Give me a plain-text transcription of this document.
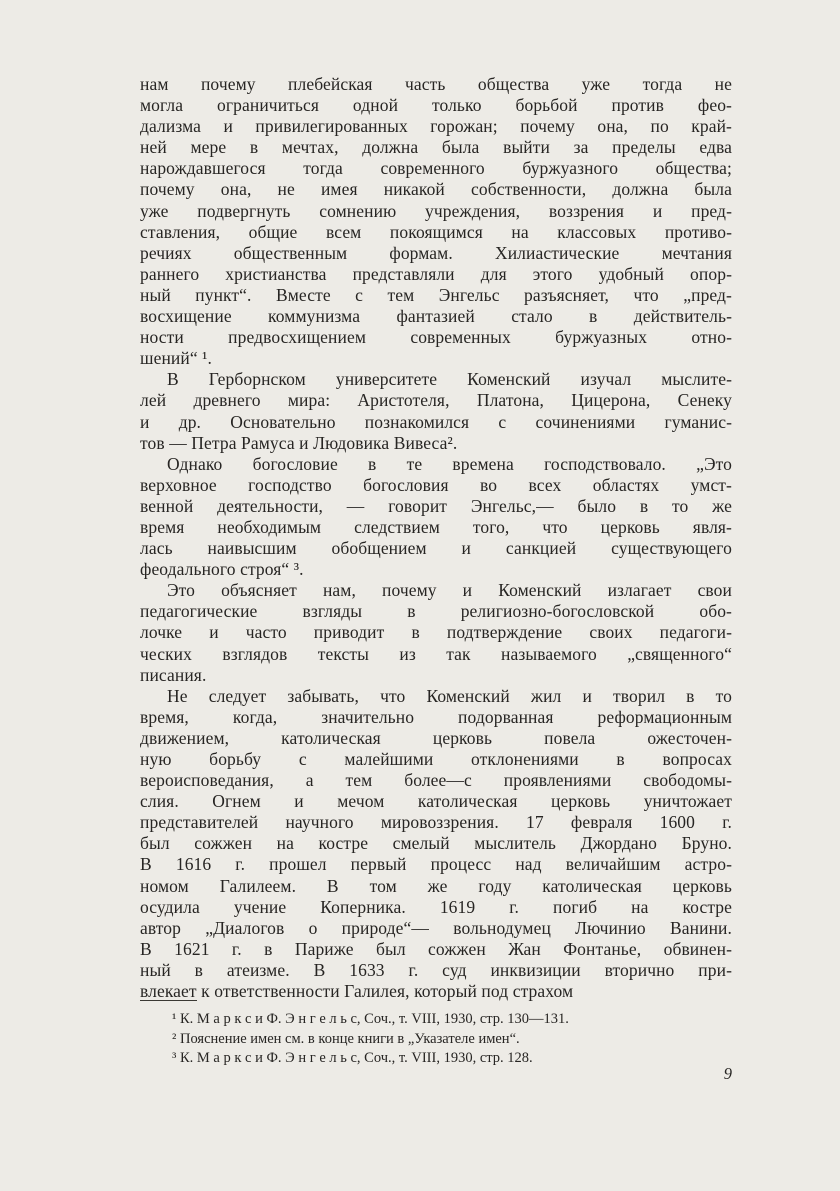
нам почему плебейская часть общества уже тогда не
могла ограничиться одной только борьбой против фео-
дализма и привилегированных горожан; почему она, по край-
ней мере в мечтах, должна была выйти за пределы едва
нарождавшегося тогда современного буржуазного общества;
почему она, не имея никакой собственности, должна была
уже подвергнуть сомнению учреждения, воззрения и пред-
ставления, общие всем покоящимся на классовых противо-
речиях общественным формам. Хилиастические мечтания
раннего христианства представляли для этого удобный опор-
ный пункт“. Вместе с тем Энгельс разъясняет, что „пред-
восхищение коммунизма фантазией стало в действитель-
ности предвосхищением современных буржуазных отно-
шений“ ¹.
В Герборнском университете Коменский изучал мыслите-
лей древнего мира: Аристотеля, Платона, Цицерона, Сенеку
и др. Основательно познакомился с сочинениями гуманис-
тов — Петра Рамуса и Людовика Вивеса².
Однако богословие в те времена господствовало. „Это
верховное господство богословия во всех областях умст-
венной деятельности, — говорит Энгельс,— было в то же
время необходимым следствием того, что церковь явля-
лась наивысшим обобщением и санкцией существующего
феодального строя“ ³.
Это объясняет нам, почему и Коменский излагает свои
педагогические взгляды в религиозно-богословской обо-
лочке и часто приводит в подтверждение своих педагоги-
ческих взглядов тексты из так называемого „священного“
писания.
Не следует забывать, что Коменский жил и творил в то
время, когда, значительно подорванная реформационным
движением, католическая церковь повела ожесточен-
ную борьбу с малейшими отклонениями в вопросах
вероисповедания, а тем более—с проявлениями свободомы-
слия. Огнем и мечом католическая церковь уничтожает
представителей научного мировоззрения. 17 февраля 1600 г.
был сожжен на костре смелый мыслитель Джордано Бруно.
В 1616 г. прошел первый процесс над величайшим астро-
номом Галилеем. В том же году католическая церковь
осудила учение Коперника. 1619 г. погиб на костре
автор „Диалогов о природе“— вольнодумец Лючинио Ванини.
В 1621 г. в Париже был сожжен Жан Фонтанье, обвинен-
ный в атеизме. В 1633 г. суд инквизиции вторично при-
влекает к ответственности Галилея, который под страхом
¹ К. М а р к с и Ф. Э н г е л ь с, Соч., т. VIII, 1930, стр. 130—131.
² Пояснение имен см. в конце книги в „Указателе имен“.
³ К. М а р к с и Ф. Э н г е л ь с, Соч., т. VIII, 1930, стр. 128.
9
